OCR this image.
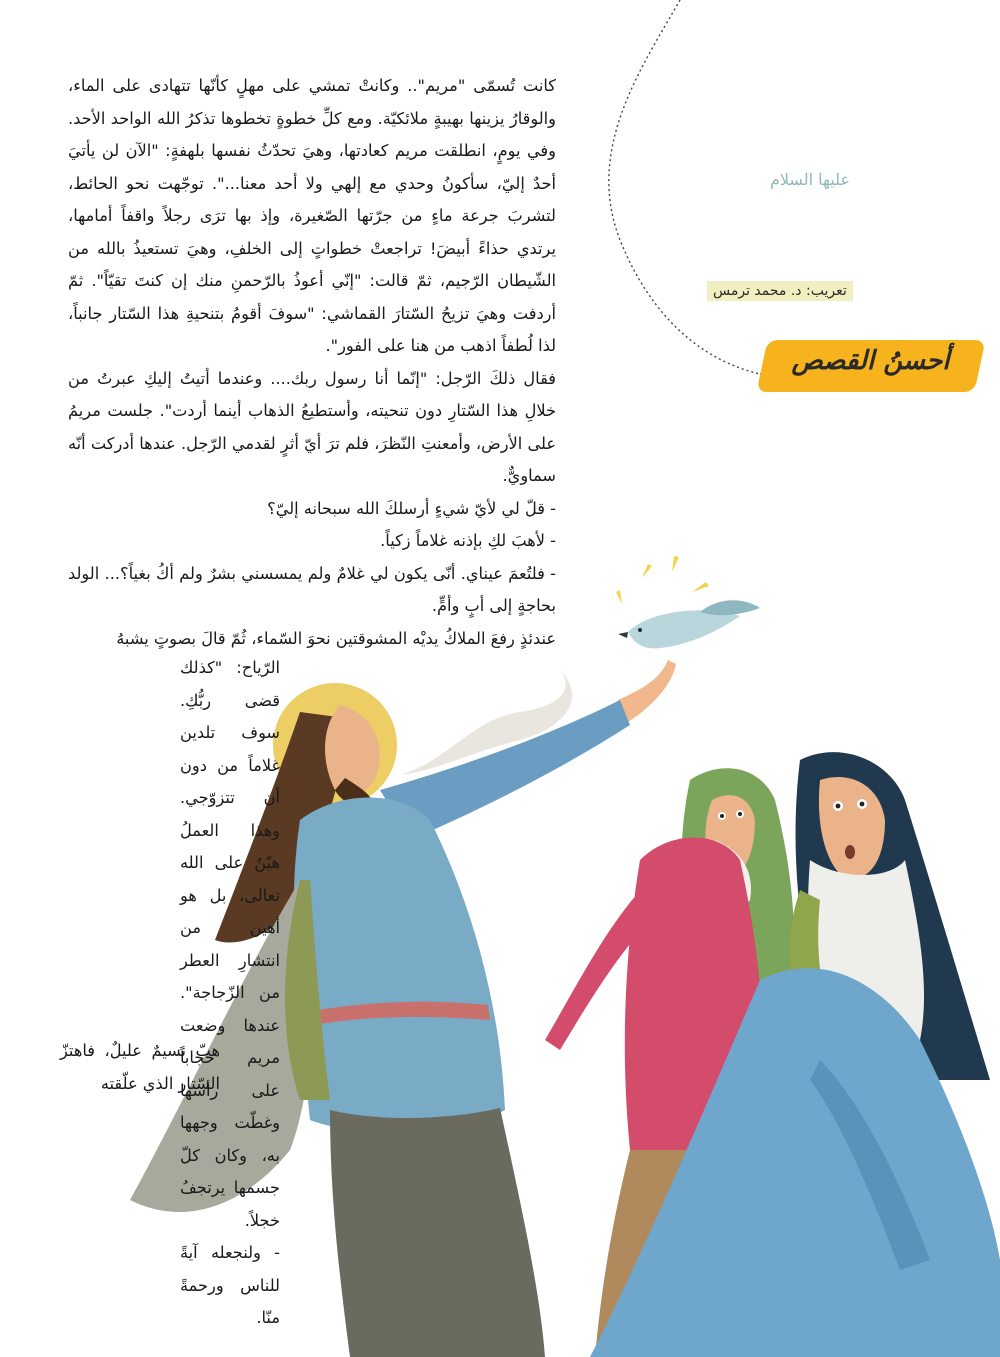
عليها السلام
تعريب: د. محمد ترمس
أحسنُ القصص

كانت تُسمّى "مريم".. وكانتْ تمشي على مهلٍ كأنّها تتهادى على الماء، والوقارُ يزينها بهيبةٍ ملائكيّة. ومع كلِّ خطوةٍ تخطوها تذكرُ الله الواحد الأحد. وفي يومٍ، انطلقت مريم كعادتها، وهيَ تحدّثُ نفسها بلهفةٍ: "الآن لن يأتيَ أحدٌ إليّ، سأكونُ وحدي مع إلهي ولا أحد معنا...". توجّهت نحو الحائط، لتشربَ جرعة ماءٍ من جرّتها الصّغيرة، وإذ بها ترَى رجلاً واقفاً أمامها، يرتدي حذاءً أبيضَ! تراجعتْ خطواتٍ إلى الخلفِ، وهيَ تستعيذُ بالله من الشّيطان الرّجيم، ثمّ قالت: "إنّي أعوذُ بالرّحمنِ منك إن كنتَ تقيّاً". ثمّ أردفت وهيَ تزيحُ السّتارَ القماشي: "سوفَ أقومُ بتنحيةِ هذا السّتار جانباً، لذا لُطفاً اذهب من هنا على الفور".

فقال ذلكَ الرّجل: "إنّما أنا رسول ربك.... وعندما أتيتُ إليكِ عبرتُ من خلالِ هذا السّتارِ دون تنحيته، وأستطيعُ الذهاب أينما أردت". جلست مريمُ على الأرض، وأمعنتِ النّظرَ، فلم ترَ أيّ أثرٍ لقدمي الرّجل. عندها أدركت أنّه سماويٌّ.

- قلّ لي لأيّ شيءٍ أرسلكَ الله سبحانه إليّ؟

- لأهبَ لكِ بإذنه غلاماً زكياً.

- فلتُعمَ عيناي. أنّى يكون لي غلامٌ ولم يمسسني بشرٌ ولم أكُ بغياً؟... الولد بحاجةٍ إلى أبٍ وأمٍّ.

عندئذٍ رفعَ الملاكُ يديْه المشوقتين نحوَ السّماء، ثُمّ قالَ بصوتٍ يشبهُ

الرّياح: "كذلك قضى ربُّكِ. سوف تلدين غلاماً من دون أن تتزوّجي. وهذا العملُ هيّنٌ على الله تعالى، بل هو أهين من انتشارِ العطر من الزّجاجة". عندها وضعت مريم حجاباً على رأسها وغطّت وجهها به، وكان كلّ جسمها يرتجفُ خجلاً.

- ولنجعله آيةً للناس ورحمةً منّا.

هبّ نسيمٌ عليلٌ، فاهتزّ السّتار الذي علّقته
